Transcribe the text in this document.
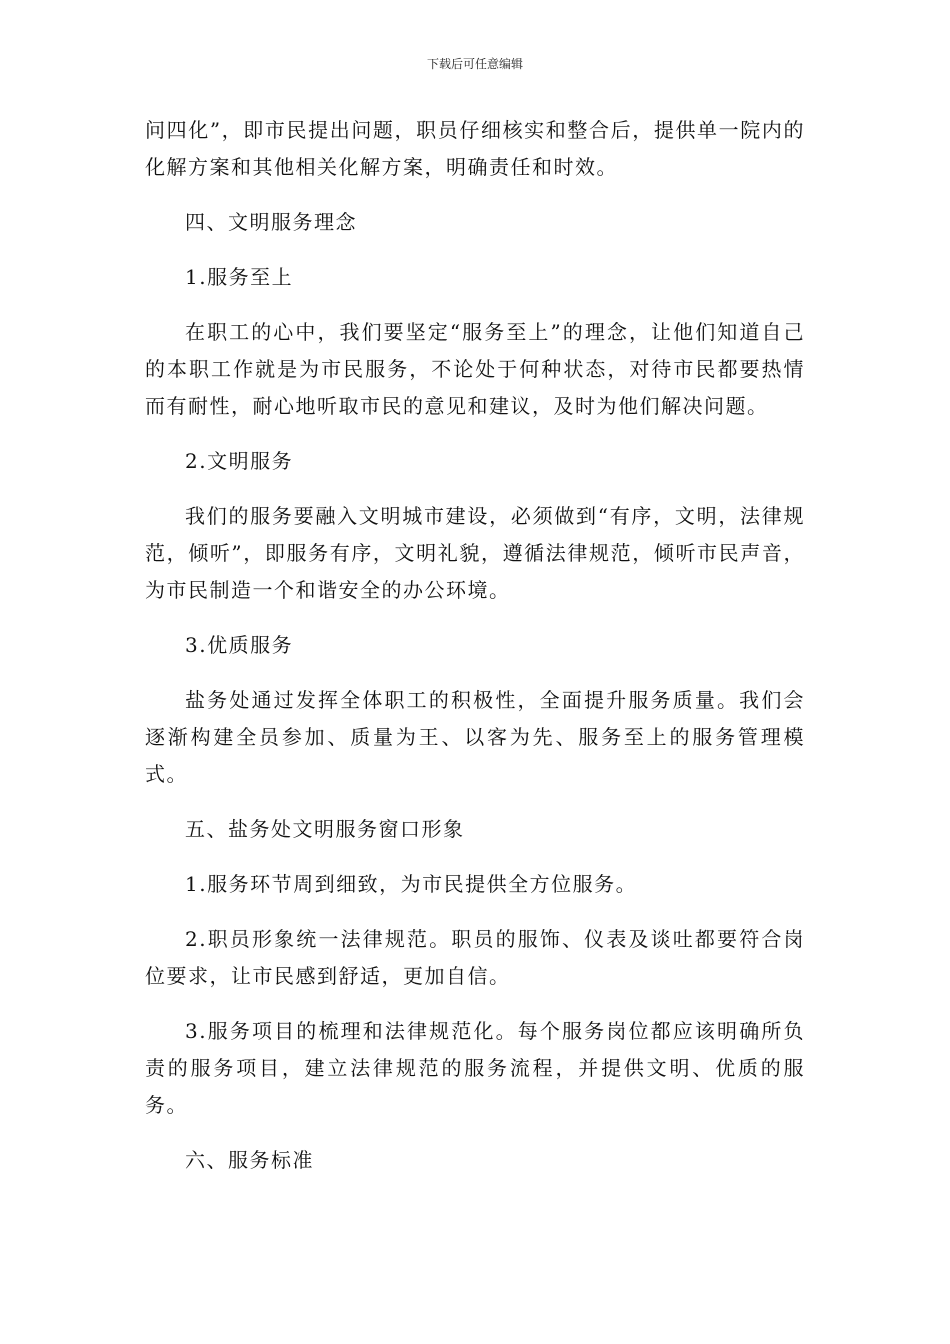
下载后可任意编辑

问四化”，即市民提出问题，职员仔细核实和整合后，提供单一院内的化解方案和其他相关化解方案，明确责任和时效。

四、文明服务理念

1.服务至上

在职工的心中，我们要坚定“服务至上”的理念，让他们知道自己的本职工作就是为市民服务，不论处于何种状态，对待市民都要热情而有耐性，耐心地听取市民的意见和建议，及时为他们解决问题。

2.文明服务

我们的服务要融入文明城市建设，必须做到“有序，文明，法律规范，倾听”，即服务有序，文明礼貌，遵循法律规范，倾听市民声音，为市民制造一个和谐安全的办公环境。

3.优质服务

盐务处通过发挥全体职工的积极性，全面提升服务质量。我们会逐渐构建全员参加、质量为王、以客为先、服务至上的服务管理模式。

五、盐务处文明服务窗口形象

1.服务环节周到细致，为市民提供全方位服务。

2.职员形象统一法律规范。职员的服饰、仪表及谈吐都要符合岗位要求，让市民感到舒适，更加自信。

3.服务项目的梳理和法律规范化。每个服务岗位都应该明确所负责的服务项目，建立法律规范的服务流程，并提供文明、优质的服务。

六、服务标准
